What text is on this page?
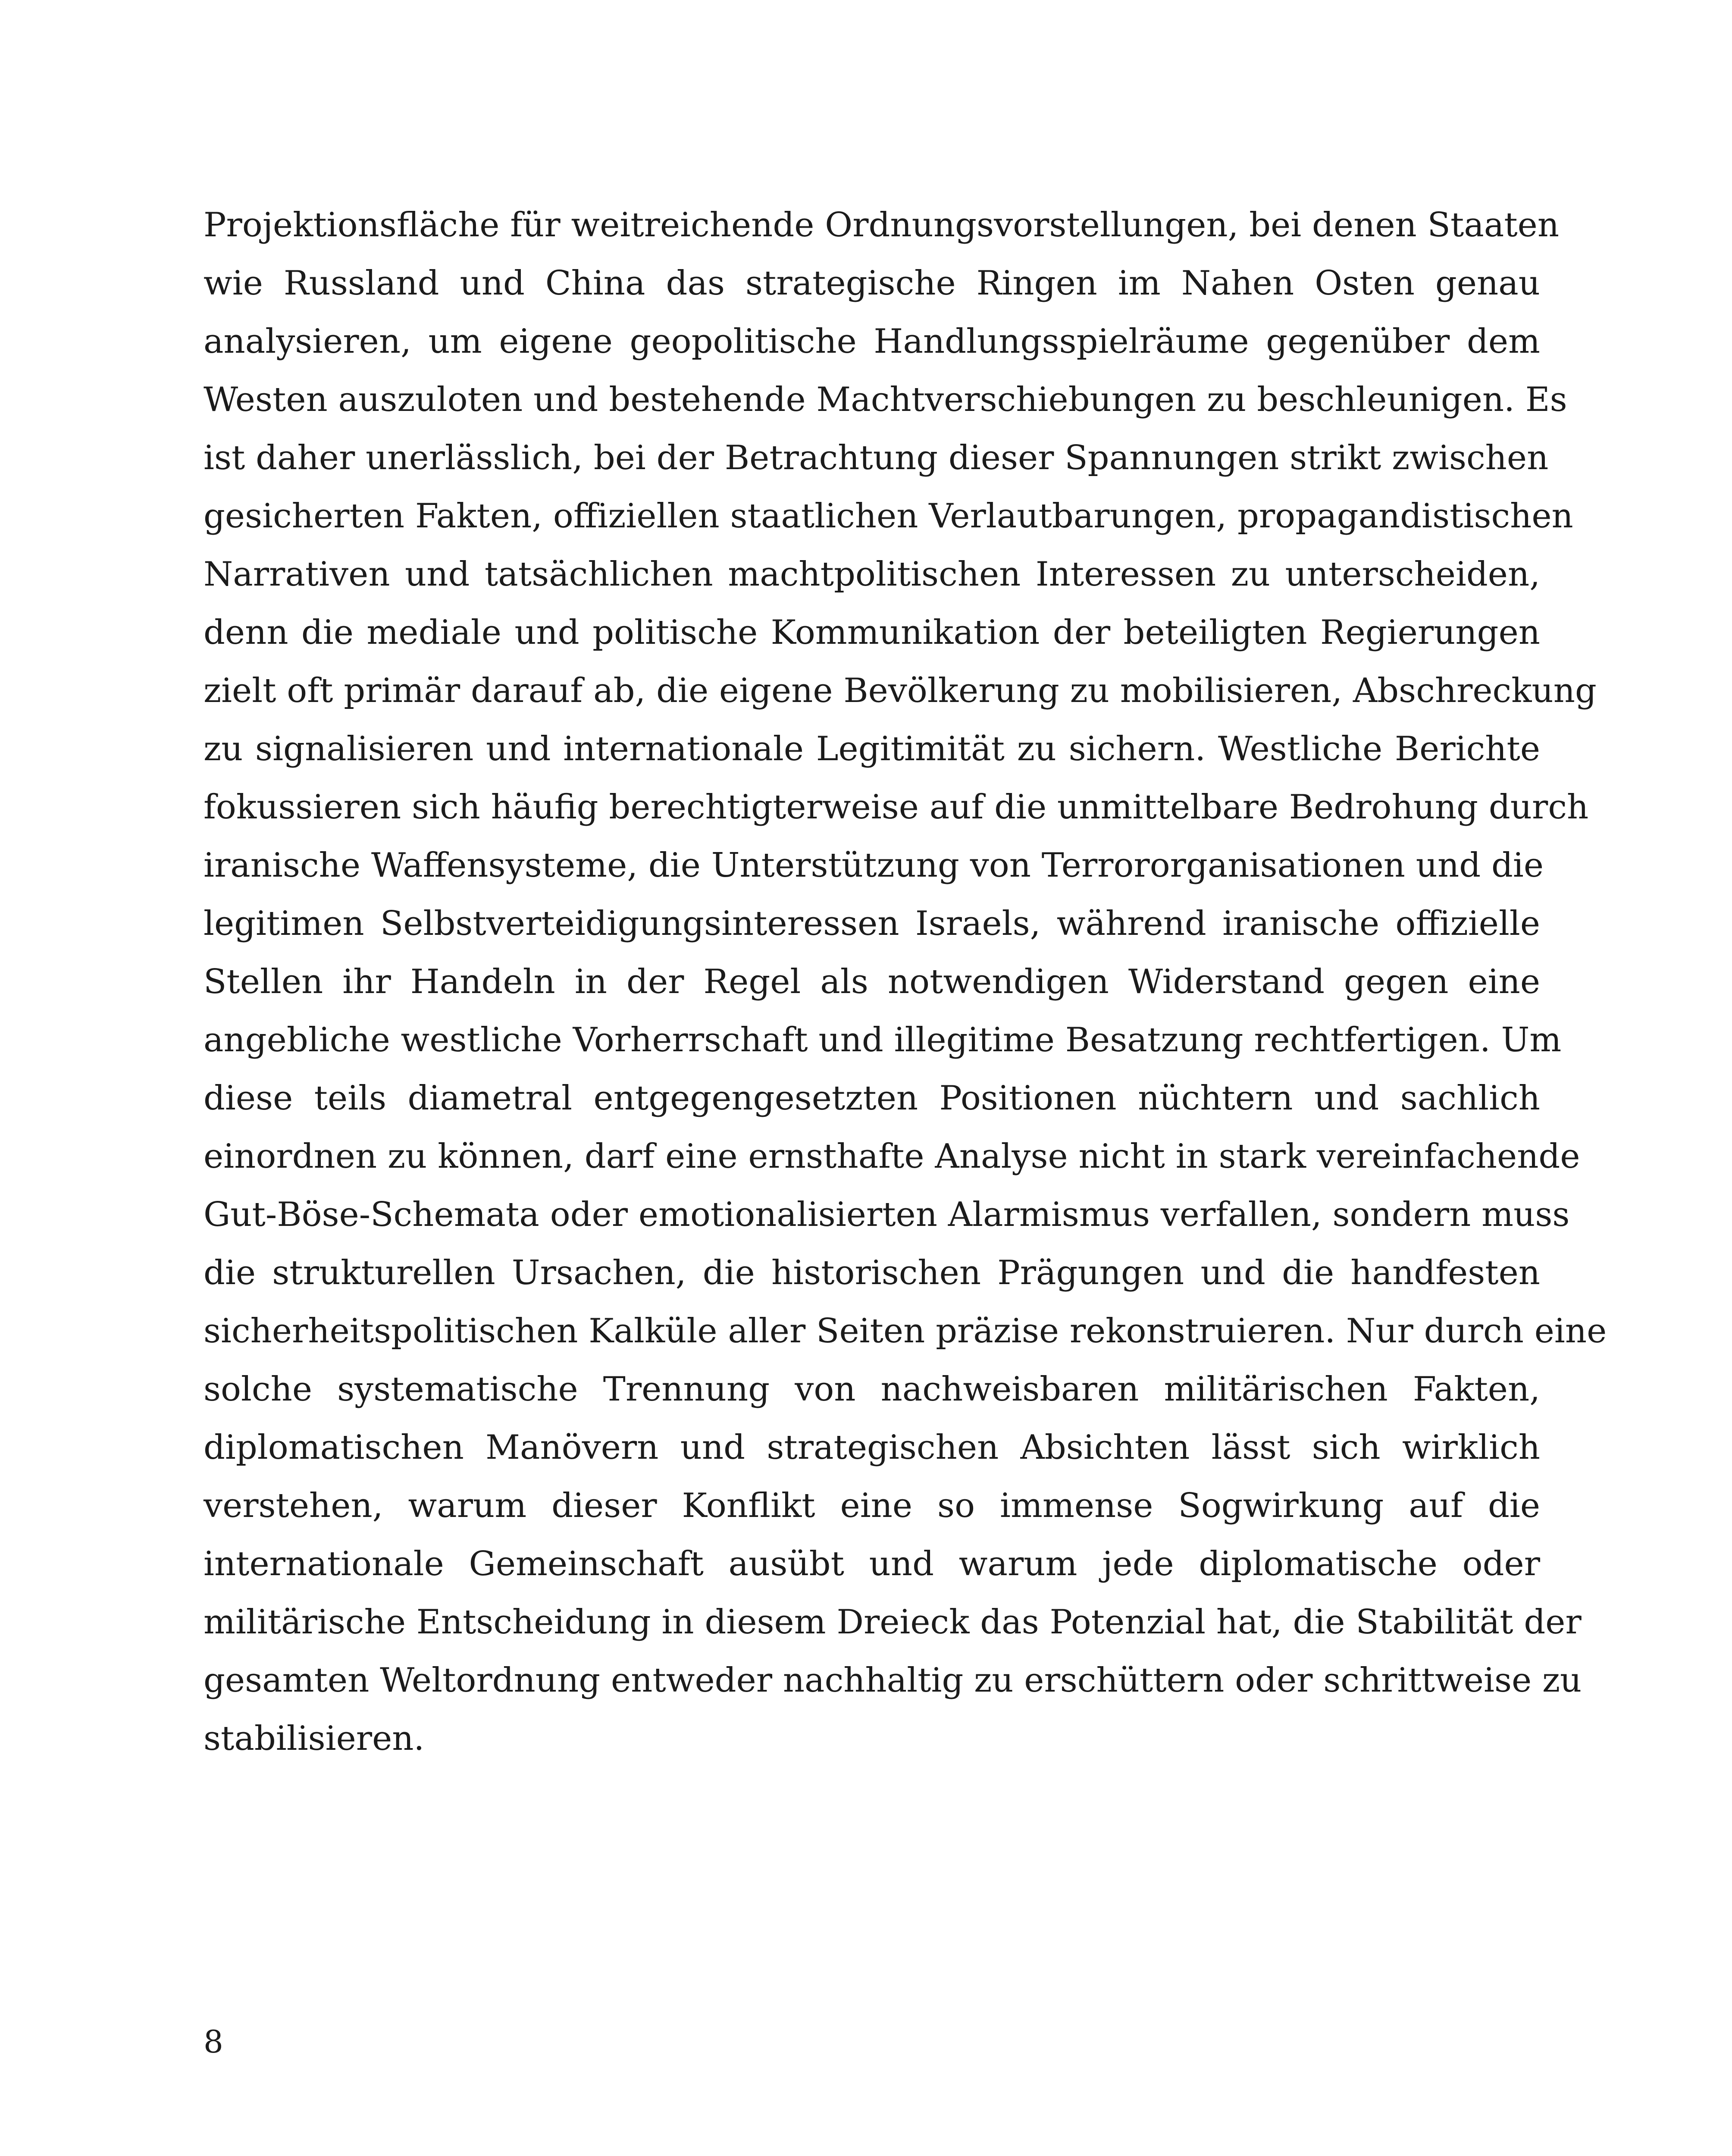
Projektionsfläche für weitreichende Ordnungsvorstellungen, bei denen Staaten
wie Russland und China das strategische Ringen im Nahen Osten genau
analysieren, um eigene geopolitische Handlungsspielräume gegenüber dem
Westen auszuloten und bestehende Machtverschiebungen zu beschleunigen. Es
ist daher unerlässlich, bei der Betrachtung dieser Spannungen strikt zwischen
gesicherten Fakten, offiziellen staatlichen Verlautbarungen, propagandistischen
Narrativen und tatsächlichen machtpolitischen Interessen zu unterscheiden,
denn die mediale und politische Kommunikation der beteiligten Regierungen
zielt oft primär darauf ab, die eigene Bevölkerung zu mobilisieren, Abschreckung
zu signalisieren und internationale Legitimität zu sichern. Westliche Berichte
fokussieren sich häufig berechtigterweise auf die unmittelbare Bedrohung durch
iranische Waffensysteme, die Unterstützung von Terrororganisationen und die
legitimen Selbstverteidigungsinteressen Israels, während iranische offizielle
Stellen ihr Handeln in der Regel als notwendigen Widerstand gegen eine
angebliche westliche Vorherrschaft und illegitime Besatzung rechtfertigen. Um
diese teils diametral entgegengesetzten Positionen nüchtern und sachlich
einordnen zu können, darf eine ernsthafte Analyse nicht in stark vereinfachende
Gut-Böse-Schemata oder emotionalisierten Alarmismus verfallen, sondern muss
die strukturellen Ursachen, die historischen Prägungen und die handfesten
sicherheitspolitischen Kalküle aller Seiten präzise rekonstruieren. Nur durch eine
solche systematische Trennung von nachweisbaren militärischen Fakten,
diplomatischen Manövern und strategischen Absichten lässt sich wirklich
verstehen, warum dieser Konflikt eine so immense Sogwirkung auf die
internationale Gemeinschaft ausübt und warum jede diplomatische oder
militärische Entscheidung in diesem Dreieck das Potenzial hat, die Stabilität der
gesamten Weltordnung entweder nachhaltig zu erschüttern oder schrittweise zu
stabilisieren.
8
